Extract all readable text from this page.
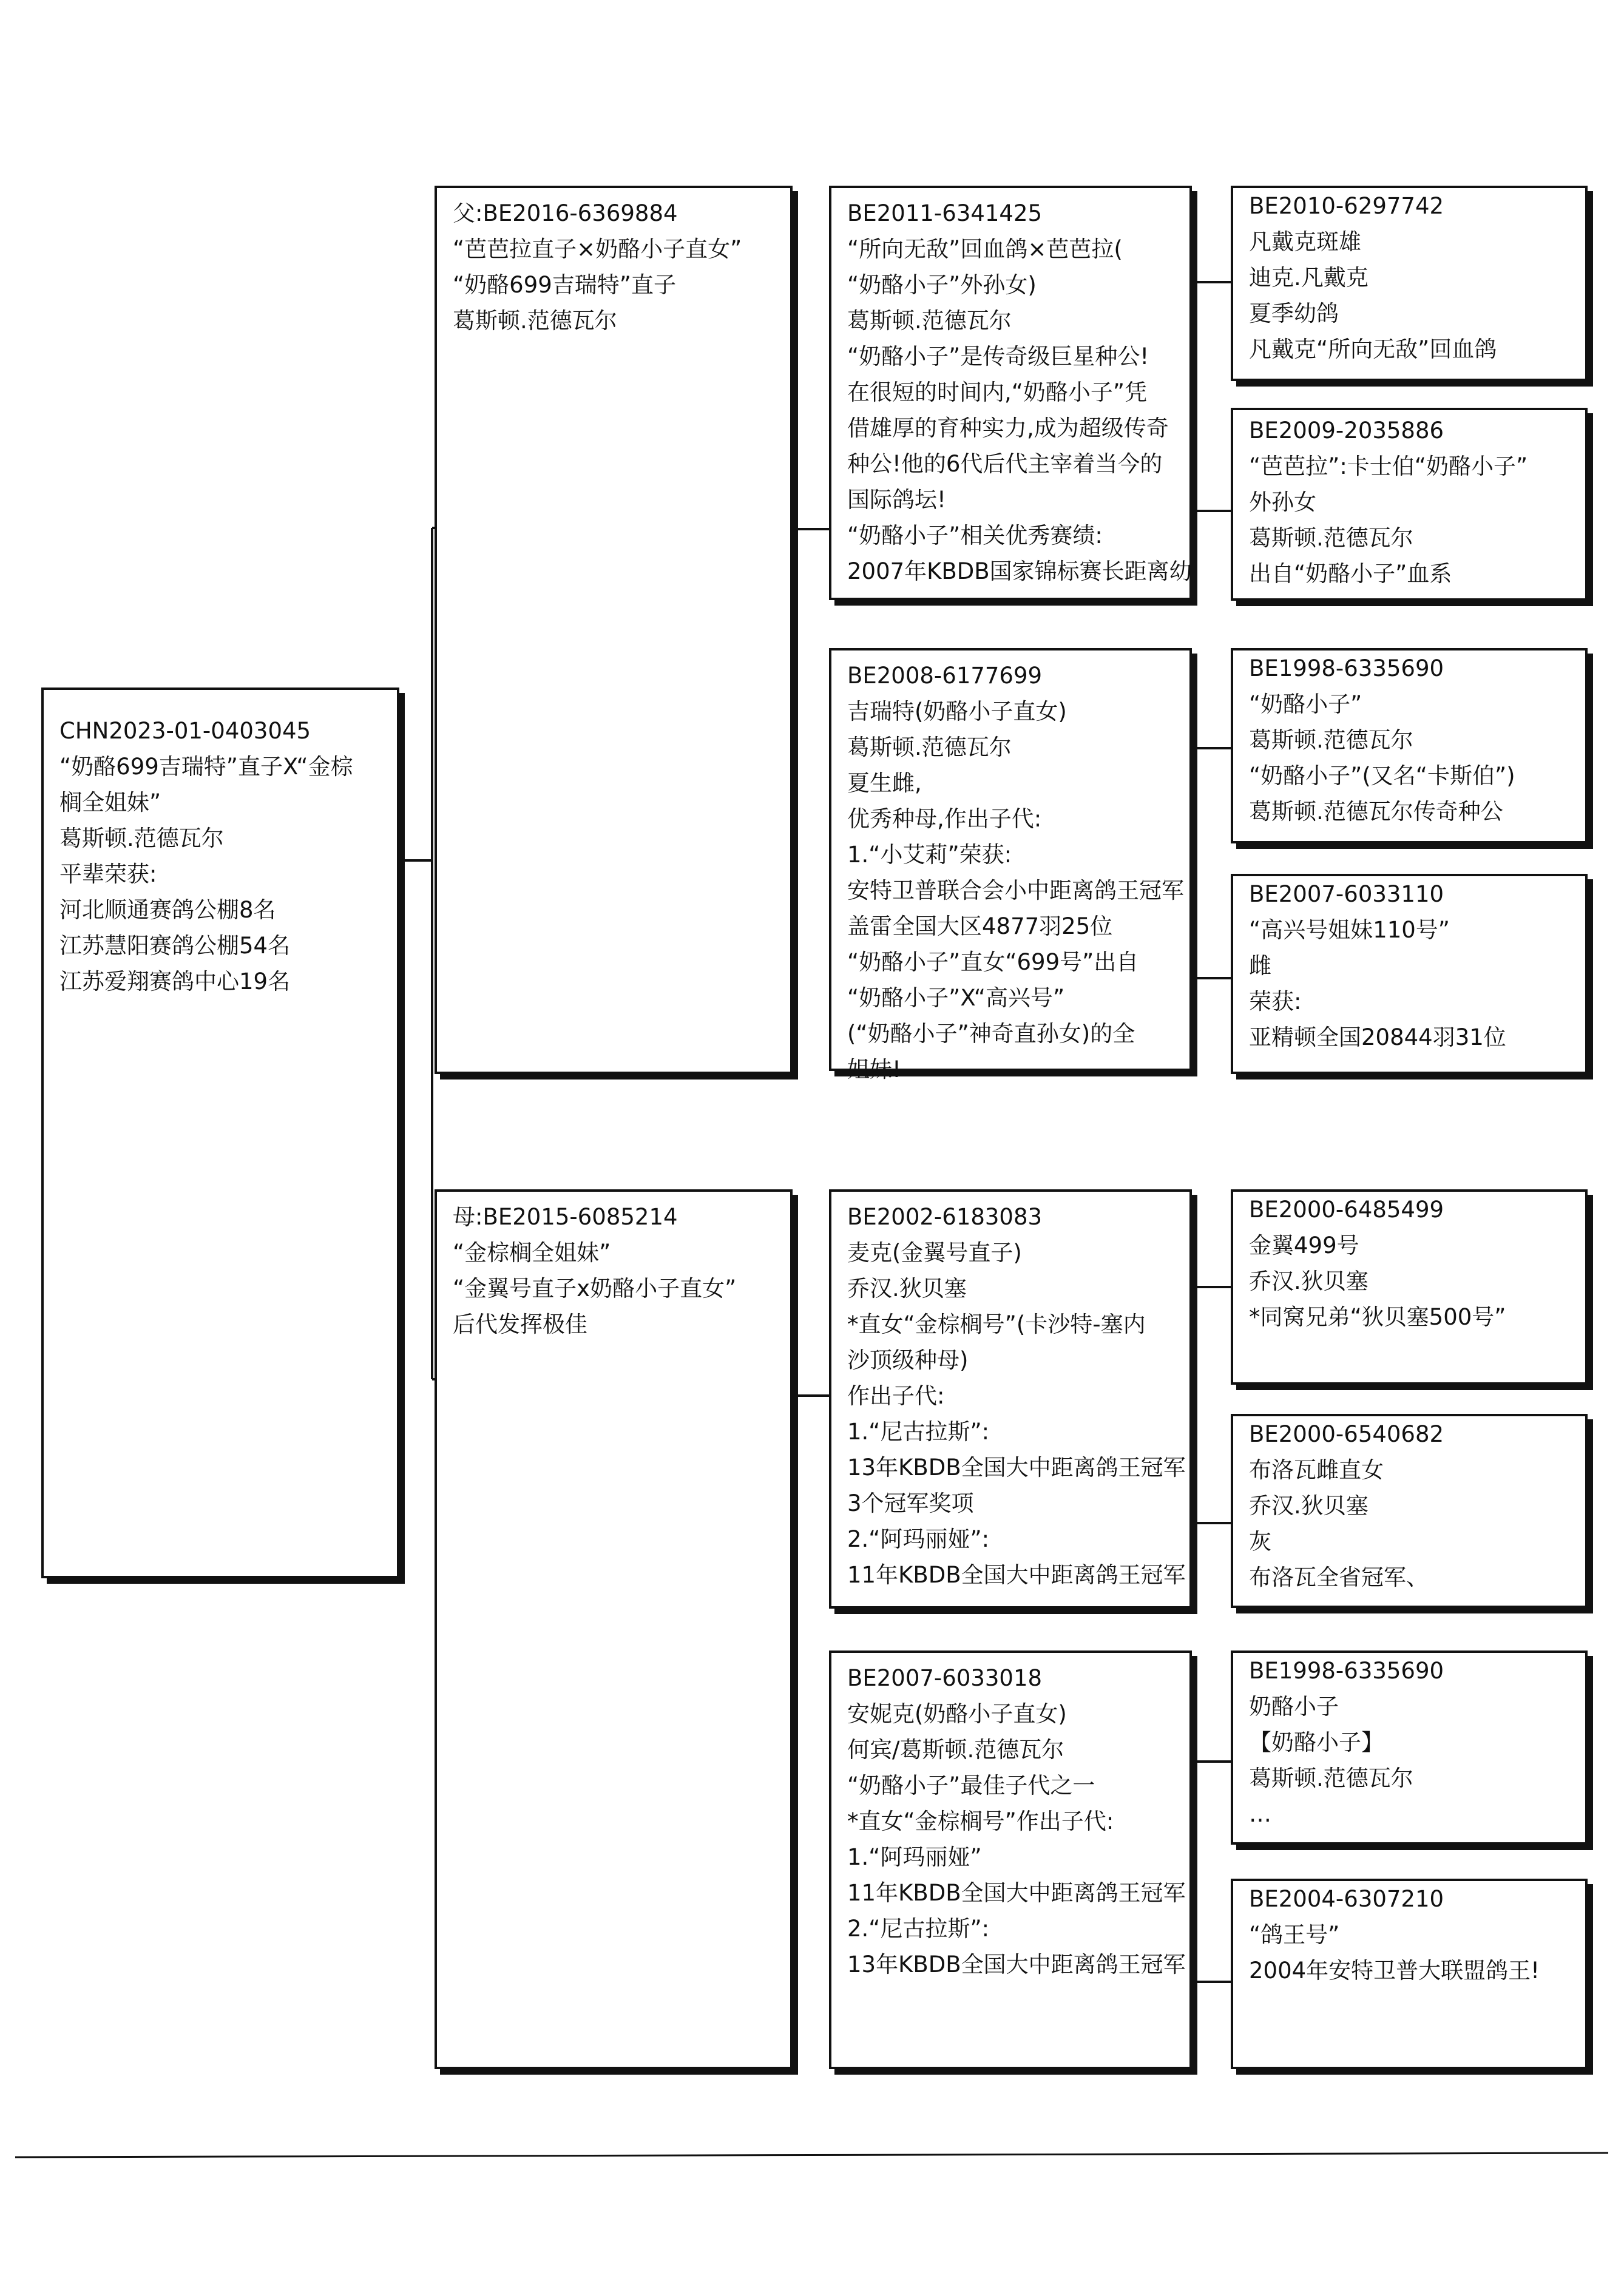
CHN2023-01-0403045
“奶酪699吉瑞特”直子X“金棕
榈全姐妹”
葛斯顿.范德瓦尔
平辈荣获:
河北顺通赛鸽公棚8名
江苏慧阳赛鸽公棚54名
江苏爱翔赛鸽中心19名
父:BE2016-6369884
“芭芭拉直子×奶酪小子直女”
“奶酪699吉瑞特”直子
葛斯顿.范德瓦尔
母:BE2015-6085214
“金棕榈全姐妹”
“金翼号直子x奶酪小子直女”
后代发挥极佳
BE2011-6341425
“所向无敌”回血鸽×芭芭拉(
“奶酪小子”外孙女)
葛斯顿.范德瓦尔
“奶酪小子”是传奇级巨星种公!
在很短的时间内,“奶酪小子”凭
借雄厚的育种实力,成为超级传奇
种公!他的6代后代主宰着当今的
国际鸽坛!
“奶酪小子”相关优秀赛绩:
2007年KBDB国家锦标赛长距离幼
BE2008-6177699
吉瑞特(奶酪小子直女)
葛斯顿.范德瓦尔
夏生雌,
优秀种母,作出子代:
1.“小艾莉”荣获:
安特卫普联合会小中距离鸽王冠军
盖雷全国大区4877羽25位
“奶酪小子”直女“699号”出自
“奶酪小子”X“高兴号”
(“奶酪小子”神奇直孙女)的全
姐妹!
BE2002-6183083
麦克(金翼号直子)
乔汉.狄贝塞
*直女“金棕榈号”(卡沙特-塞内
沙顶级种母)
作出子代:
1.“尼古拉斯”:
13年KBDB全国大中距离鸽王冠军
3个冠军奖项
2.“阿玛丽娅”:
11年KBDB全国大中距离鸽王冠军
BE2007-6033018
安妮克(奶酪小子直女)
何宾/葛斯顿.范德瓦尔
“奶酪小子”最佳子代之一
*直女“金棕榈号”作出子代:
1.“阿玛丽娅”
11年KBDB全国大中距离鸽王冠军
2.“尼古拉斯”:
13年KBDB全国大中距离鸽王冠军
BE2010-6297742
凡戴克斑雄
迪克.凡戴克
夏季幼鸽
凡戴克“所向无敌”回血鸽
BE2009-2035886
“芭芭拉”:卡士伯“奶酪小子”
外孙女
葛斯顿.范德瓦尔
出自“奶酪小子”血系
BE1998-6335690
“奶酪小子”
葛斯顿.范德瓦尔
“奶酪小子”(又名“卡斯伯”)
葛斯顿.范德瓦尔传奇种公
BE2007-6033110
“高兴号姐妹110号”
雌
荣获:
亚精顿全国20844羽31位
BE2000-6485499
金翼499号
乔汉.狄贝塞
*同窝兄弟“狄贝塞500号”
BE2000-6540682
布洛瓦雌直女
乔汉.狄贝塞
灰
布洛瓦全省冠军、
BE1998-6335690
奶酪小子
【奶酪小子】
葛斯顿.范德瓦尔
…
BE2004-6307210
“鸽王号”
2004年安特卫普大联盟鸽王!
